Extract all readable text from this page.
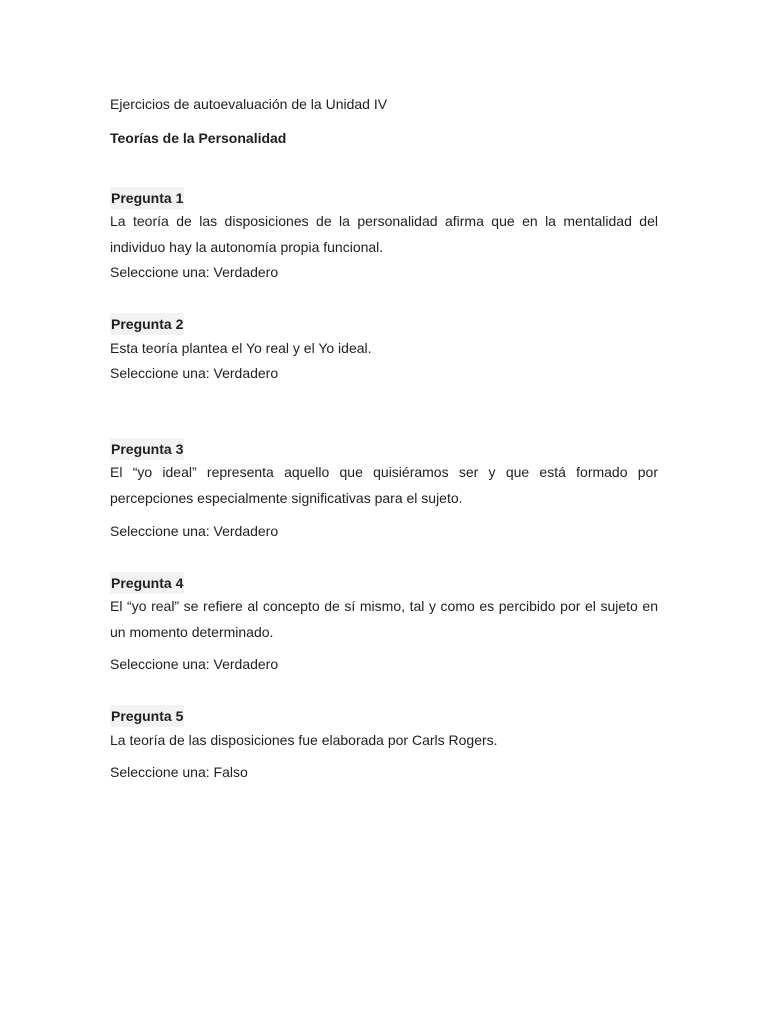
Ejercicios de autoevaluación de la Unidad IV
Teorías de la Personalidad
Pregunta 1
La teoría de las disposiciones de la personalidad afirma que en la mentalidad del individuo hay la autonomía propia funcional.
Seleccione una: Verdadero
Pregunta 2
Esta teoría plantea el Yo real y el Yo ideal.
Seleccione una: Verdadero
Pregunta 3
El “yo ideal” representa aquello que quisiéramos ser y que está formado por percepciones especialmente significativas para el sujeto.
Seleccione una: Verdadero
Pregunta 4
El “yo real” se refiere al concepto de sí mismo, tal y como es percibido por el sujeto en un momento determinado.
Seleccione una: Verdadero
Pregunta 5
La teoría de las disposiciones fue elaborada por Carls Rogers.
Seleccione una: Falso
